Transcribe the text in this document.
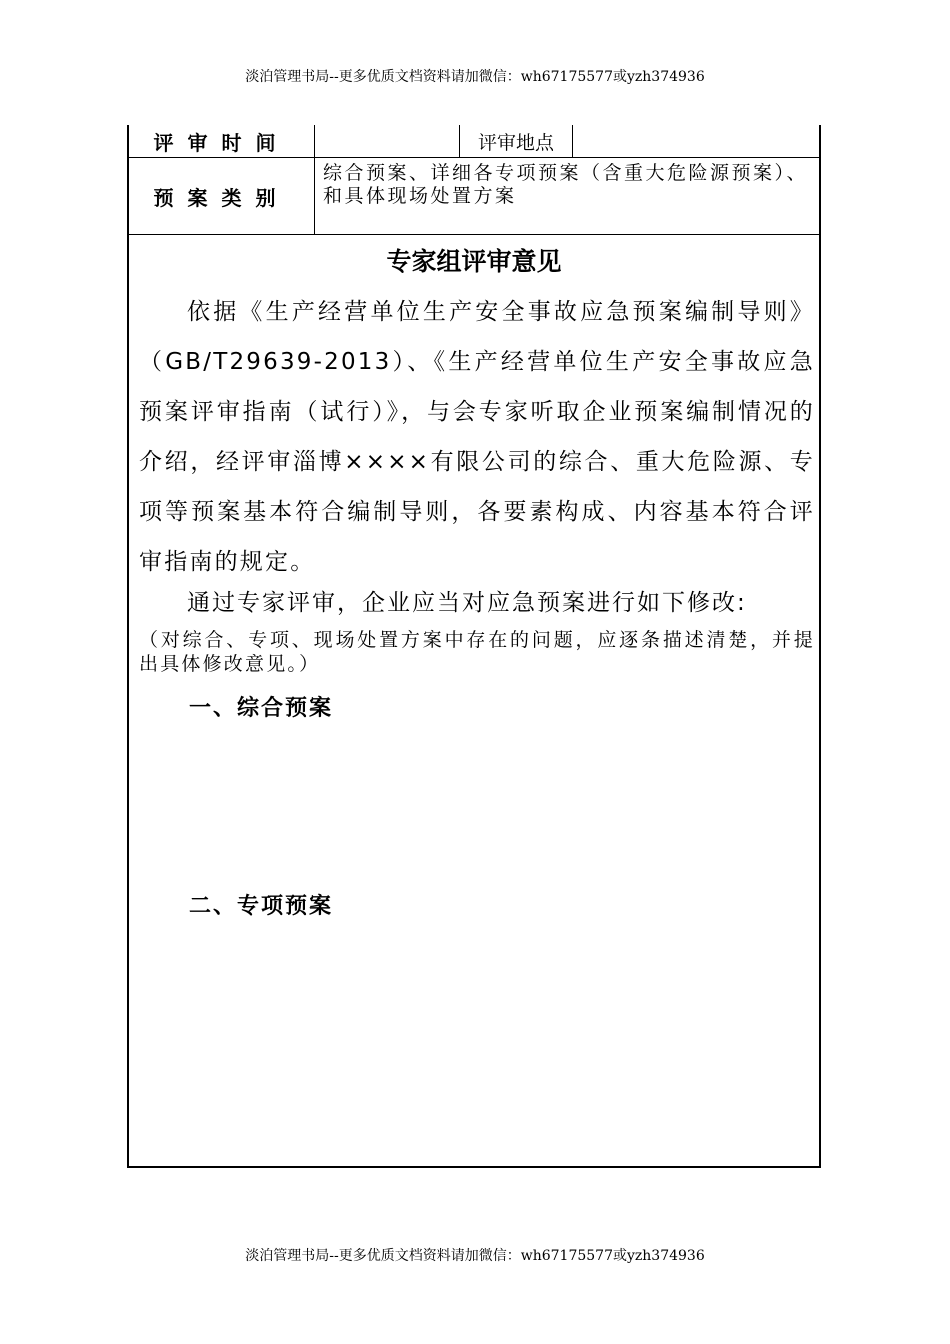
淡泊管理书局--更多优质文档资料请加微信：wh67175577或yzh374936
评审时间	评审地点
预案类别
综合预案、详细各专项预案（含重大危险源预案）、
和具体现场处置方案
专家组评审意见
依据《生产经营单位生产安全事故应急预案编制导则》（GB/T29639-2013）、《生产经营单位生产安全事故应急预案评审指南（试行）》，与会专家听取企业预案编制情况的介绍，经评审淄博××××有限公司的综合、重大危险源、专项等预案基本符合编制导则，各要素构成、内容基本符合评审指南的规定。
通过专家评审，企业应当对应急预案进行如下修改:
（对综合、专项、现场处置方案中存在的问题，应逐条描述清楚，并提出具体修改意见。）
一、综合预案
二、专项预案
淡泊管理书局--更多优质文档资料请加微信：wh67175577或yzh374936
